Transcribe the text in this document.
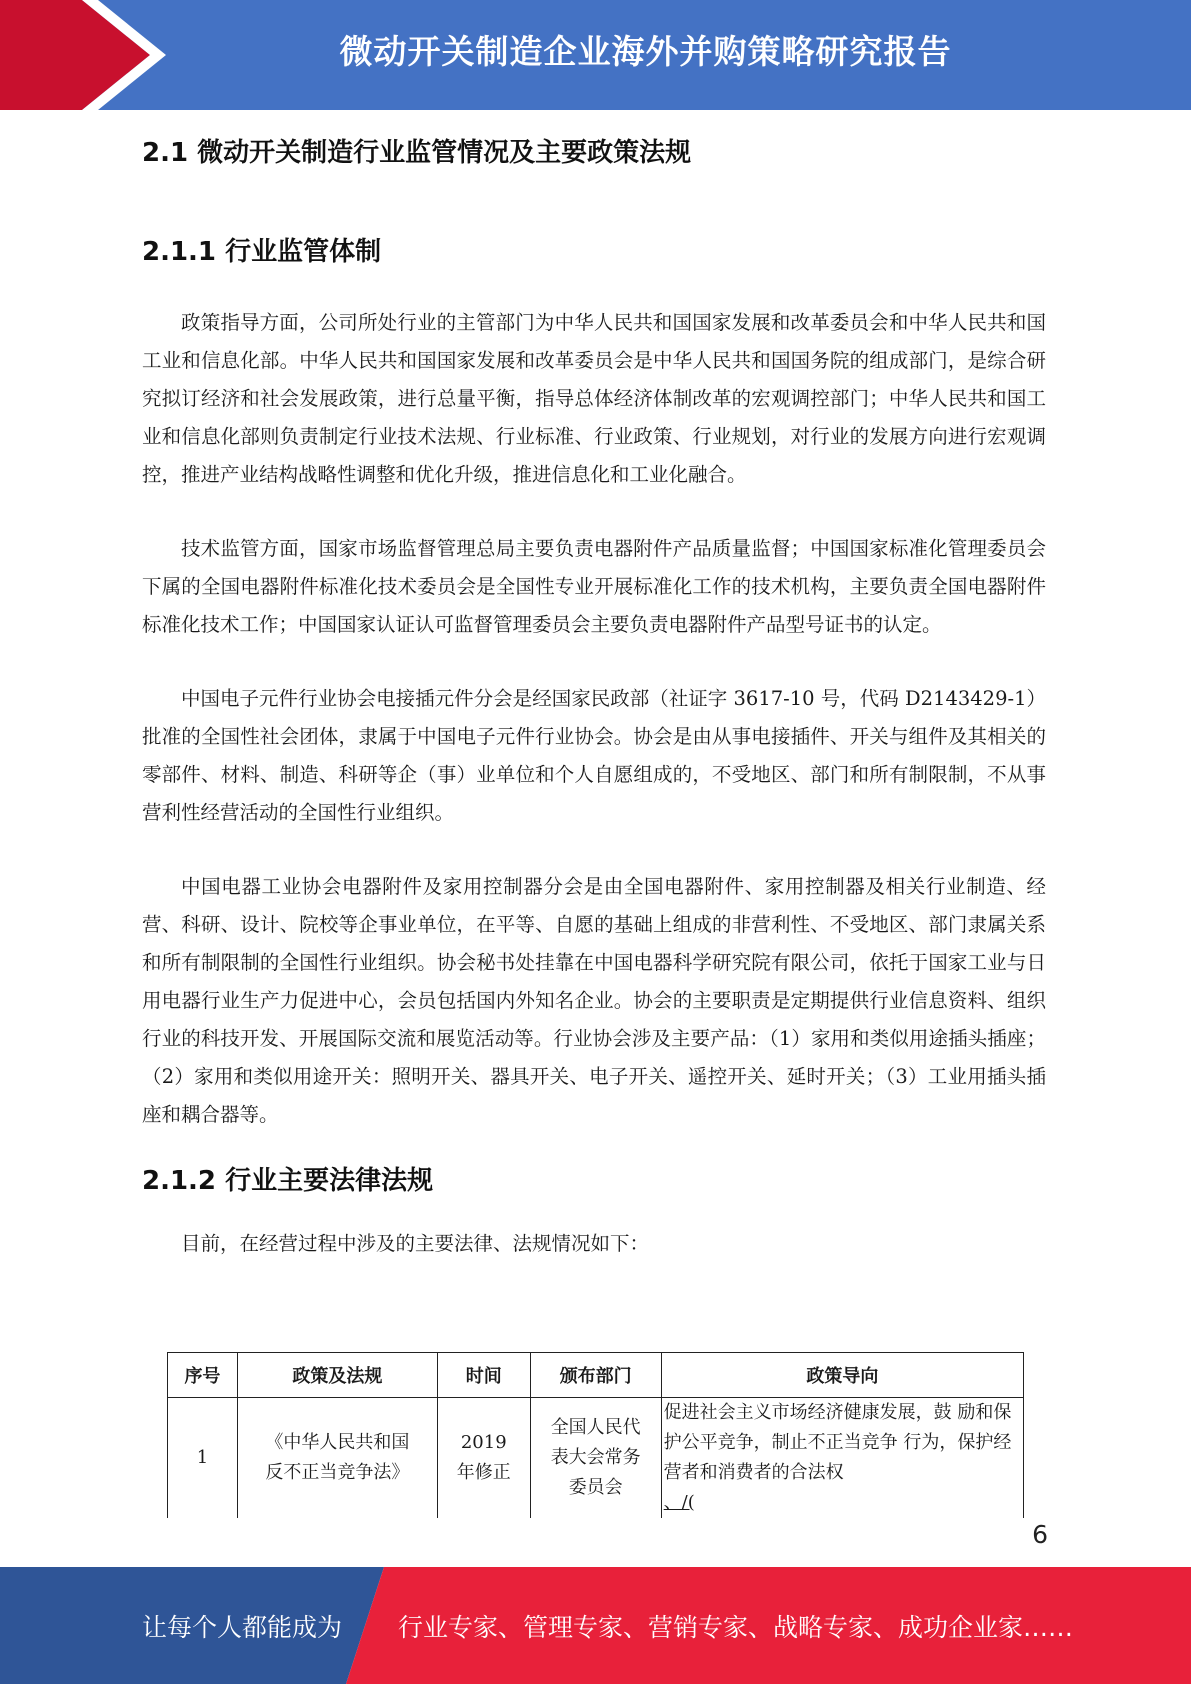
微动开关制造企业海外并购策略研究报告
2.1 微动开关制造行业监管情况及主要政策法规
2.1.1 行业监管体制

政策指导方面，公司所处行业的主管部门为中华人民共和国国家发展和改革委员会和中华人民共和国工业和信息化部。中华人民共和国国家发展和改革委员会是中华人民共和国国务院的组成部门，是综合研究拟订经济和社会发展政策，进行总量平衡，指导总体经济体制改革的宏观调控部门；中华人民共和国工业和信息化部则负责制定行业技术法规、行业标准、行业政策、行业规划，对行业的发展方向进行宏观调控，推进产业结构战略性调整和优化升级，推进信息化和工业化融合。

技术监管方面，国家市场监督管理总局主要负责电器附件产品质量监督；中国国家标准化管理委员会下属的全国电器附件标准化技术委员会是全国性专业开展标准化工作的技术机构，主要负责全国电器附件标准化技术工作；中国国家认证认可监督管理委员会主要负责电器附件产品型号证书的认定。

中国电子元件行业协会电接插元件分会是经国家民政部（社证字 3617-10 号，代码 D2143429-1）批准的全国性社会团体，隶属于中国电子元件行业协会。协会是由从事电接插件、开关与组件及其相关的零部件、材料、制造、科研等企（事）业单位和个人自愿组成的，不受地区、部门和所有制限制，不从事营利性经营活动的全国性行业组织。

中国电器工业协会电器附件及家用控制器分会是由全国电器附件、家用控制器及相关行业制造、经营、科研、设计、院校等企事业单位，在平等、自愿的基础上组成的非营利性、不受地区、部门隶属关系和所有制限制的全国性行业组织。协会秘书处挂靠在中国电器科学研究院有限公司，依托于国家工业与日用电器行业生产力促进中心，会员包括国内外知名企业。协会的主要职责是定期提供行业信息资料、组织行业的科技开发、开展国际交流和展览活动等。行业协会涉及主要产品：（1）家用和类似用途插头插座；（2）家用和类似用途开关：照明开关、器具开关、电子开关、遥控开关、延时开关；（3）工业用插头插座和耦合器等。

2.1.2 行业主要法律法规

目前，在经营过程中涉及的主要法律、法规情况如下：

序号	政策及法规	时间	颁布部门	政策导向
1	《中华人民共和国反不正当竞争法》	2019 年修正	全国人民代表大会常务委员会	促进社会主义市场经济健康发展，鼓 励和保护公平竞争，制止不正当竞争 行为，保护经营者和消费者的合法权
、/(
6
让每个人都能成为 行业专家、管理专家、营销专家、战略专家、成功企业家……
